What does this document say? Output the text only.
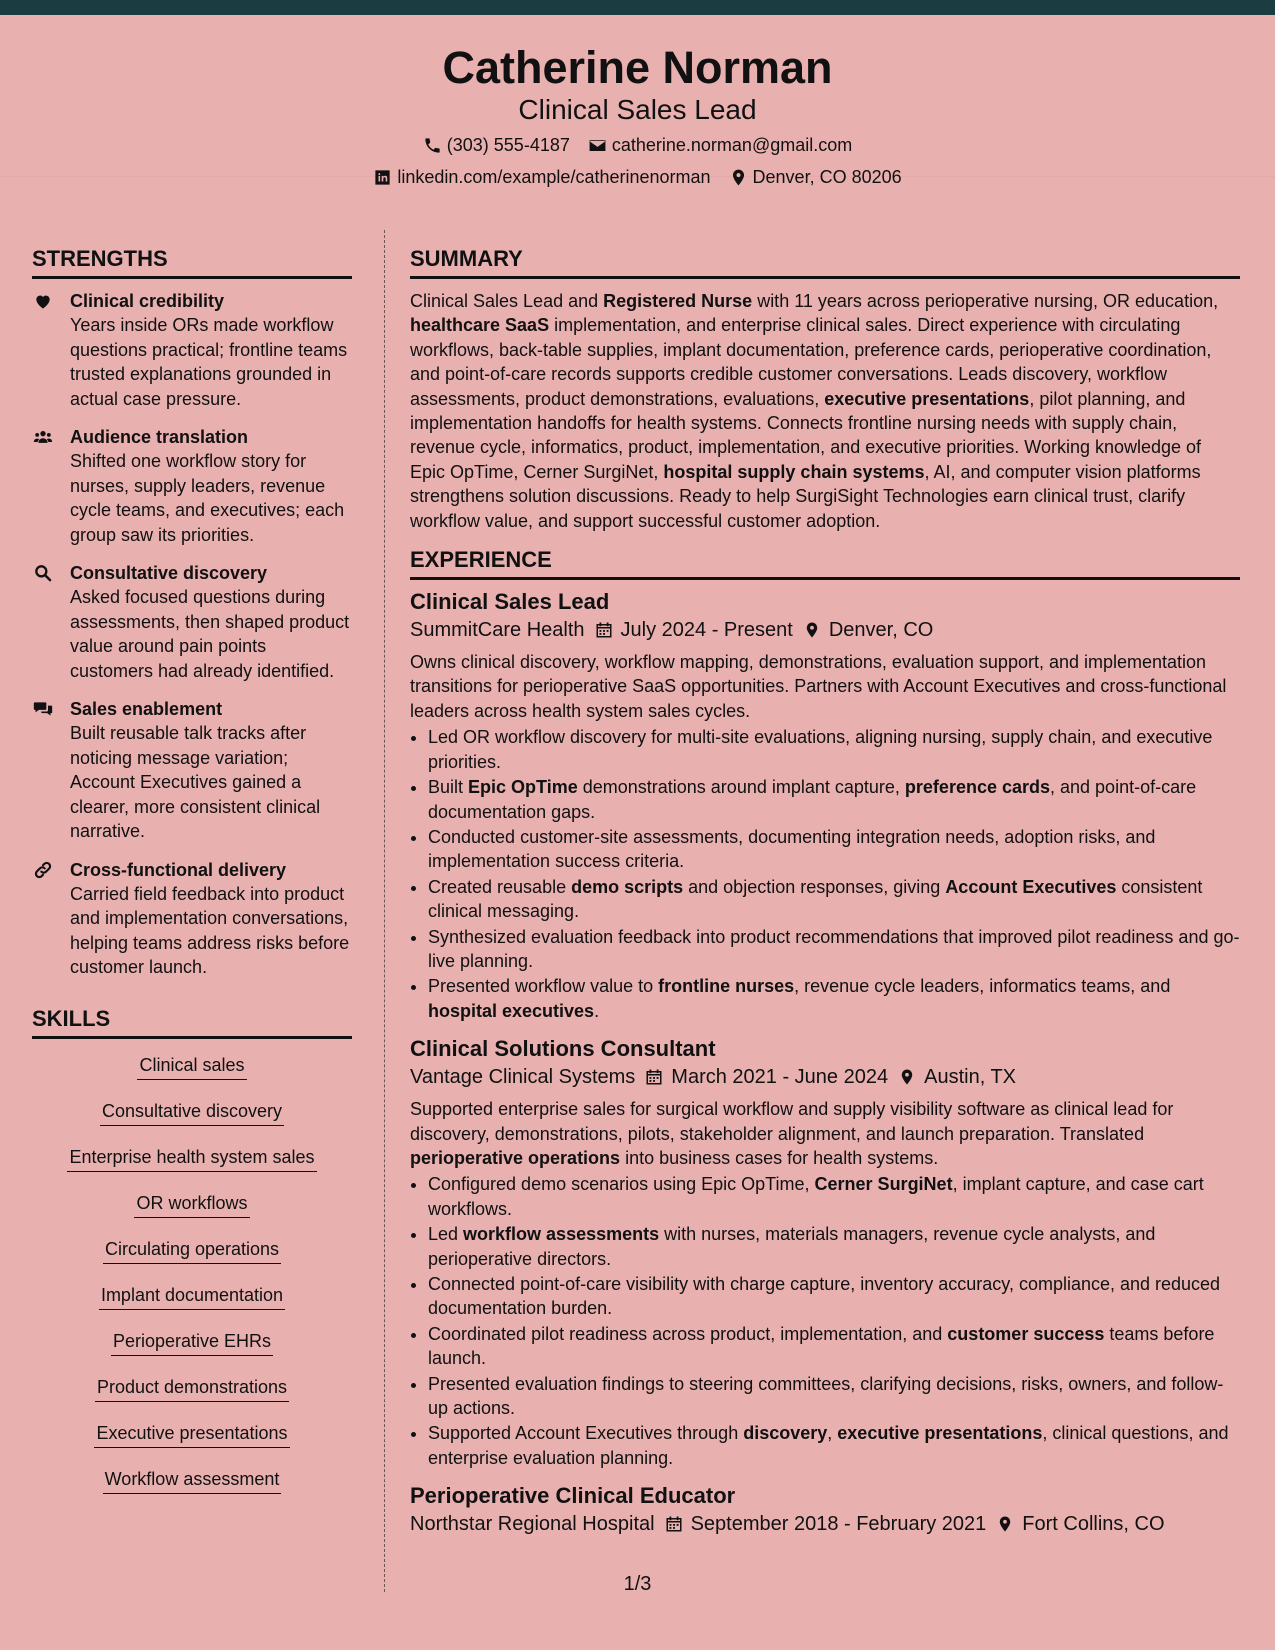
Catherine Norman
Clinical Sales Lead
(303) 555-4187 catherine.norman@gmail.com
linkedin.com/example/catherinenorman Denver, CO 80206
STRENGTHS
Clinical credibility
Years inside ORs made workflow questions practical; frontline teams trusted explanations grounded in actual case pressure.
Audience translation
Shifted one workflow story for nurses, supply leaders, revenue cycle teams, and executives; each group saw its priorities.
Consultative discovery
Asked focused questions during assessments, then shaped product value around pain points customers had already identified.
Sales enablement
Built reusable talk tracks after noticing message variation; Account Executives gained a clearer, more consistent clinical narrative.
Cross-functional delivery
Carried field feedback into product and implementation conversations, helping teams address risks before customer launch.
SKILLS
Clinical sales
Consultative discovery
Enterprise health system sales
OR workflows
Circulating operations
Implant documentation
Perioperative EHRs
Product demonstrations
Executive presentations
Workflow assessment
SUMMARY

Clinical Sales Lead and Registered Nurse with 11 years across perioperative nursing, OR education, healthcare SaaS implementation, and enterprise clinical sales. Direct experience with circulating workflows, back-table supplies, implant documentation, preference cards, perioperative coordination, and point-of-care records supports credible customer conversations. Leads discovery, workflow assessments, product demonstrations, evaluations, executive presentations, pilot planning, and implementation handoffs for health systems. Connects frontline nursing needs with supply chain, revenue cycle, informatics, product, implementation, and executive priorities. Working knowledge of Epic OpTime, Cerner SurgiNet, hospital supply chain systems, AI, and computer vision platforms strengthens solution discussions. Ready to help SurgiSight Technologies earn clinical trust, clarify workflow value, and support successful customer adoption.

EXPERIENCE
Clinical Sales Lead
SummitCare Health July 2024 - Present Denver, CO

Owns clinical discovery, workflow mapping, demonstrations, evaluation support, and implementation transitions for perioperative SaaS opportunities. Partners with Account Executives and cross-functional leaders across health system sales cycles.

• Led OR workflow discovery for multi-site evaluations, aligning nursing, supply chain, and executive priorities.
• Built Epic OpTime demonstrations around implant capture, preference cards, and point-of-care documentation gaps.
• Conducted customer-site assessments, documenting integration needs, adoption risks, and implementation success criteria.
• Created reusable demo scripts and objection responses, giving Account Executives consistent clinical messaging.
• Synthesized evaluation feedback into product recommendations that improved pilot readiness and go-live planning.
• Presented workflow value to frontline nurses, revenue cycle leaders, informatics teams, and hospital executives.
Clinical Solutions Consultant
Vantage Clinical Systems March 2021 - June 2024 Austin, TX

Supported enterprise sales for surgical workflow and supply visibility software as clinical lead for discovery, demonstrations, pilots, stakeholder alignment, and launch preparation. Translated perioperative operations into business cases for health systems.

• Configured demo scenarios using Epic OpTime, Cerner SurgiNet, implant capture, and case cart workflows.
• Led workflow assessments with nurses, materials managers, revenue cycle analysts, and perioperative directors.
• Connected point-of-care visibility with charge capture, inventory accuracy, compliance, and reduced documentation burden.
• Coordinated pilot readiness across product, implementation, and customer success teams before launch.
• Presented evaluation findings to steering committees, clarifying decisions, risks, owners, and follow-up actions.
• Supported Account Executives through discovery, executive presentations, clinical questions, and enterprise evaluation planning.
Perioperative Clinical Educator
Northstar Regional Hospital September 2018 - February 2021 Fort Collins, CO
1/3
